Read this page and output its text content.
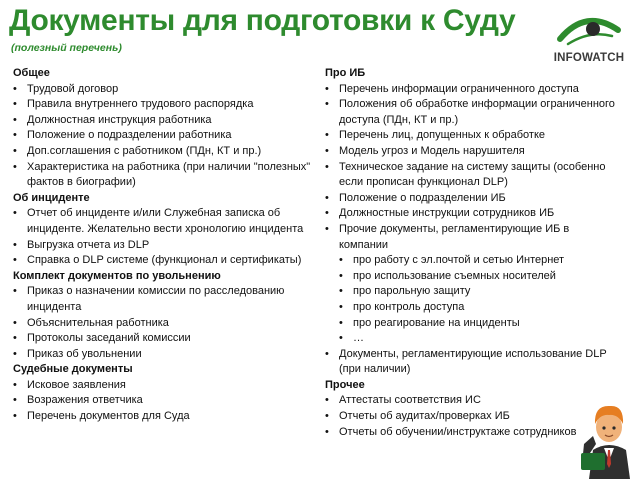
Документы для подготовки к Суду
(полезный перечень)
INFOWATCH
Общее
• Трудовой договор
• Правила внутреннего трудового распорядка
• Должностная инструкция работника
• Положение о подразделении работника
• Доп.соглашения с работником (ПДн, КТ и пр.)
• Характеристика на работника (при наличии "полезных" фактов в биографии)
Об инциденте
• Отчет об инциденте и/или Служебная записка об инциденте. Желательно вести хронологию инцидента
• Выгрузка отчета из DLP
• Справка о DLP системе (функционал и сертификаты)
Комплект документов по увольнению
• Приказ о назначении комиссии по расследованию инцидента
• Объяснительная работника
• Протоколы заседаний комиссии
• Приказ об увольнении
Судебные документы
• Исковое заявления
• Возражения ответчика
• Перечень документов для Суда
Про ИБ
• Перечень информации ограниченного доступа
• Положения об обработке информации ограниченного доступа (ПДн, КТ и пр.)
• Перечень лиц, допущенных к обработке
• Модель угроз и Модель нарушителя
• Техническое задание на систему защиты (особенно если прописан функционал DLP)
• Положение о подразделении ИБ
• Должностные инструкции сотрудников ИБ
• Прочие документы, регламентирующие ИБ в компании
• про работу с эл.почтой и сетью Интернет
• про использование съемных носителей
• про парольную защиту
• про контроль доступа
• про реагирование на инциденты
• …
• Документы, регламентирующие использование DLP (при наличии)
Прочее
• Аттестаты соответствия ИС
• Отчеты об аудитах/проверках ИБ
• Отчеты об обучении/инструктаже сотрудников
